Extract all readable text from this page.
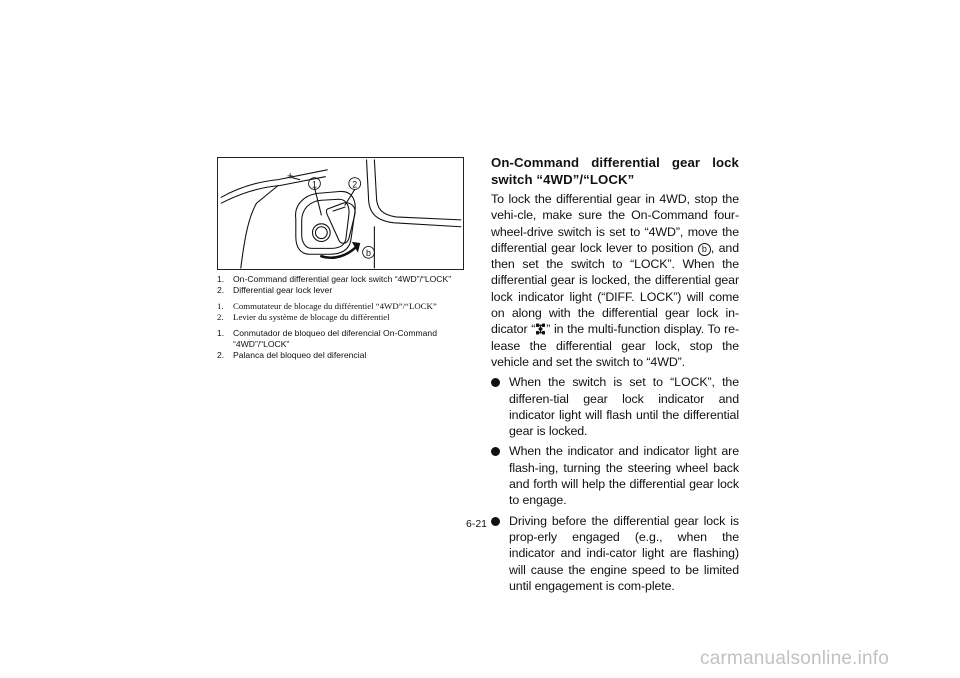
+
1	2
b
1.	On-Command differential gear lock switch “4WD”/“LOCK”
2.	Differential gear lock lever
1.	Commutateur de blocage du différentiel “4WD”/“LOCK”
2.	Levier du système de blocage du différentiel
1.	Conmutador de bloqueo del diferencial On-Command
“4WD”/“LOCK”
2.	Palanca del bloqueo del diferencial
On-Command differential gear lock switch “4WD”/“LOCK”
To lock the differential gear in 4WD, stop the vehi-cle, make sure the On-Command four-wheel-drive switch is set to “4WD”, move the differential gear lock lever to position b , and then set the switch to “LOCK”. When the differential gear is locked, the differential gear lock indicator light (“DIFF. LOCK”) will come on along with the differential gear lock in-dicator “ ” in the multi-function display. To re-lease the differential gear lock, stop the vehicle and set the switch to “4WD”.
When the switch is set to “LOCK”, the differen-tial gear lock indicator and indicator light will flash until the differential gear is locked.
When the indicator and indicator light are flash-ing, turning the steering wheel back and forth will help the differential gear lock to engage.
Driving before the differential gear lock is prop-erly engaged (e.g., when the indicator and indi-cator light are flashing) will cause the engine speed to be limited until engagement is com-plete.
6-21
carmanualsonline.info
